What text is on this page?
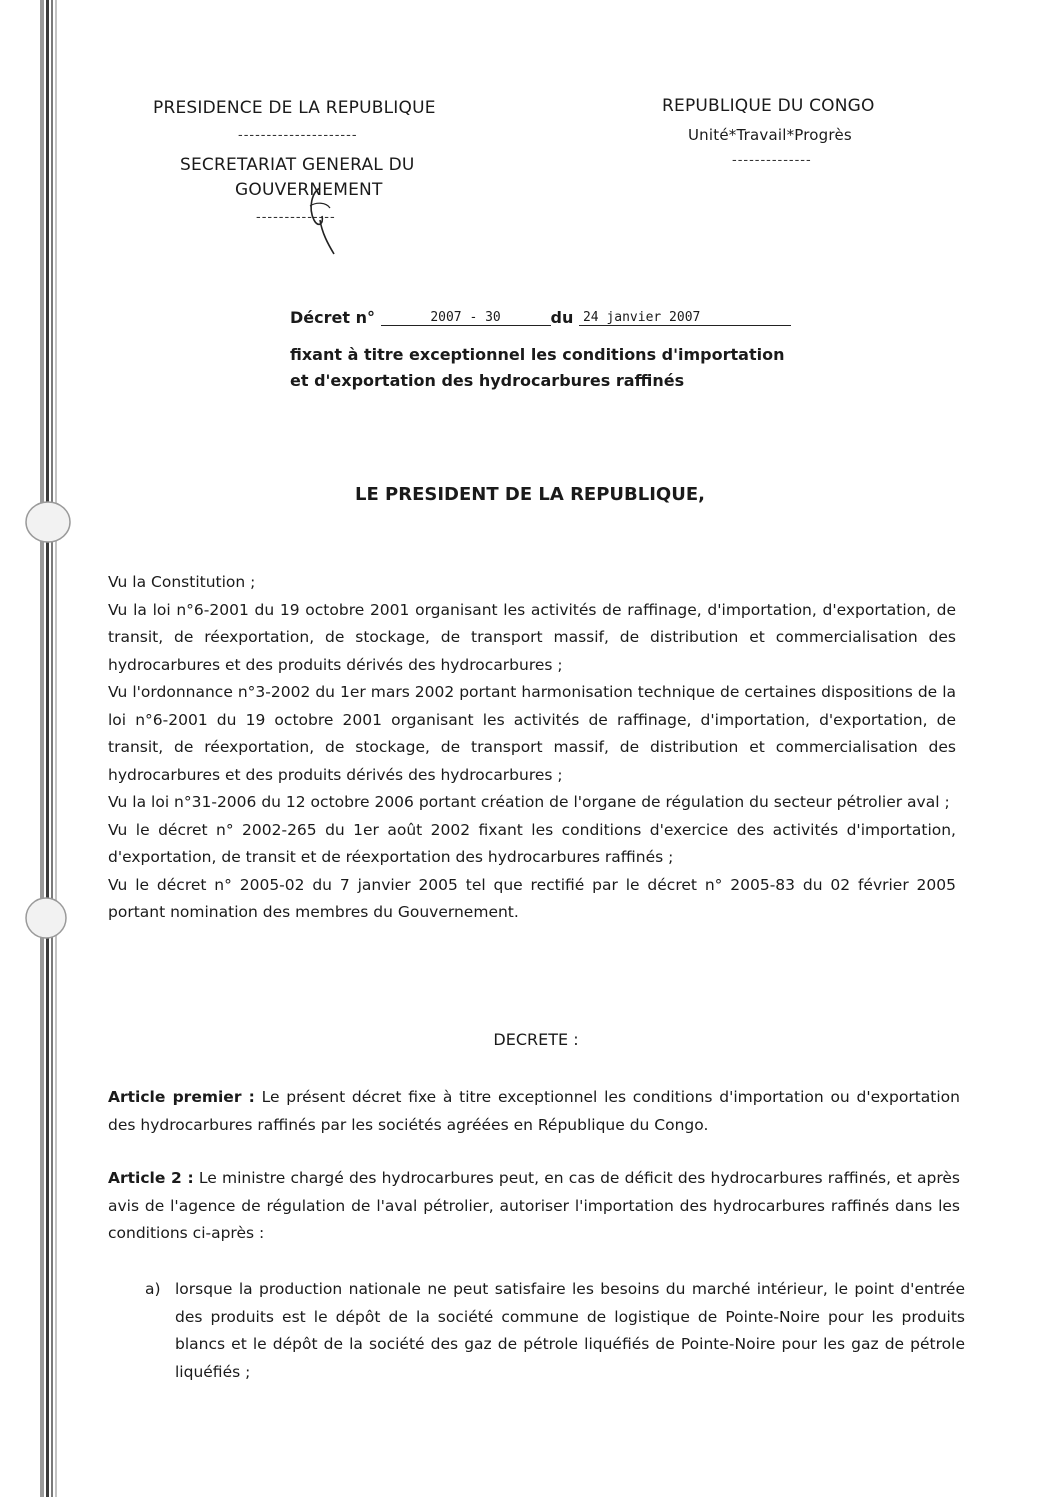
PRESIDENCE DE LA REPUBLIQUE
---------------------
SECRETARIAT GENERAL DU
GOUVERNEMENT
--------------
REPUBLIQUE DU CONGO
Unité*Travail*Progrès
--------------
Décret n°	2007 - 30	du 24 janvier 2007
fixant à titre exceptionnel les conditions d'importation
et d'exportation des hydrocarbures raffinés
LE PRESIDENT DE LA REPUBLIQUE,

Vu la Constitution ;

Vu la loi n°6-2001 du 19 octobre 2001 organisant les activités de raffinage, d'importation, d'exportation, de transit, de réexportation, de stockage, de transport massif, de distribution et commercialisation des hydrocarbures et des produits dérivés des hydrocarbures ;

Vu l'ordonnance n°3-2002 du 1er mars 2002 portant harmonisation technique de certaines dispositions de la loi n°6-2001 du 19 octobre 2001 organisant les activités de raffinage, d'importation, d'exportation, de transit, de réexportation, de stockage, de transport massif, de distribution et commercialisation des hydrocarbures et des produits dérivés des hydrocarbures ;

Vu la loi n°31-2006 du 12 octobre 2006 portant création de l'organe de régulation du secteur pétrolier aval ;

Vu le décret n° 2002-265 du 1er août 2002 fixant les conditions d'exercice des activités d'importation, d'exportation, de transit et de réexportation des hydrocarbures raffinés ;

Vu le décret n° 2005-02 du 7 janvier 2005 tel que rectifié par le décret n° 2005-83 du 02 février 2005 portant nomination des membres du Gouvernement.

DECRETE :
Article premier : Le présent décret fixe à titre exceptionnel les conditions d'importation ou d'exportation des hydrocarbures raffinés par les sociétés agréées en République du Congo.
Article 2 : Le ministre chargé des hydrocarbures peut, en cas de déficit des hydrocarbures raffinés, et après avis de l'agence de régulation de l'aval pétrolier, autoriser l'importation des hydrocarbures raffinés dans les conditions ci-après :
a) lorsque la production nationale ne peut satisfaire les besoins du marché intérieur, le point d'entrée des produits est le dépôt de la société commune de logistique de Pointe-Noire pour les produits blancs et le dépôt de la société des gaz de pétrole liquéfiés de Pointe-Noire pour les gaz de pétrole liquéfiés ;
